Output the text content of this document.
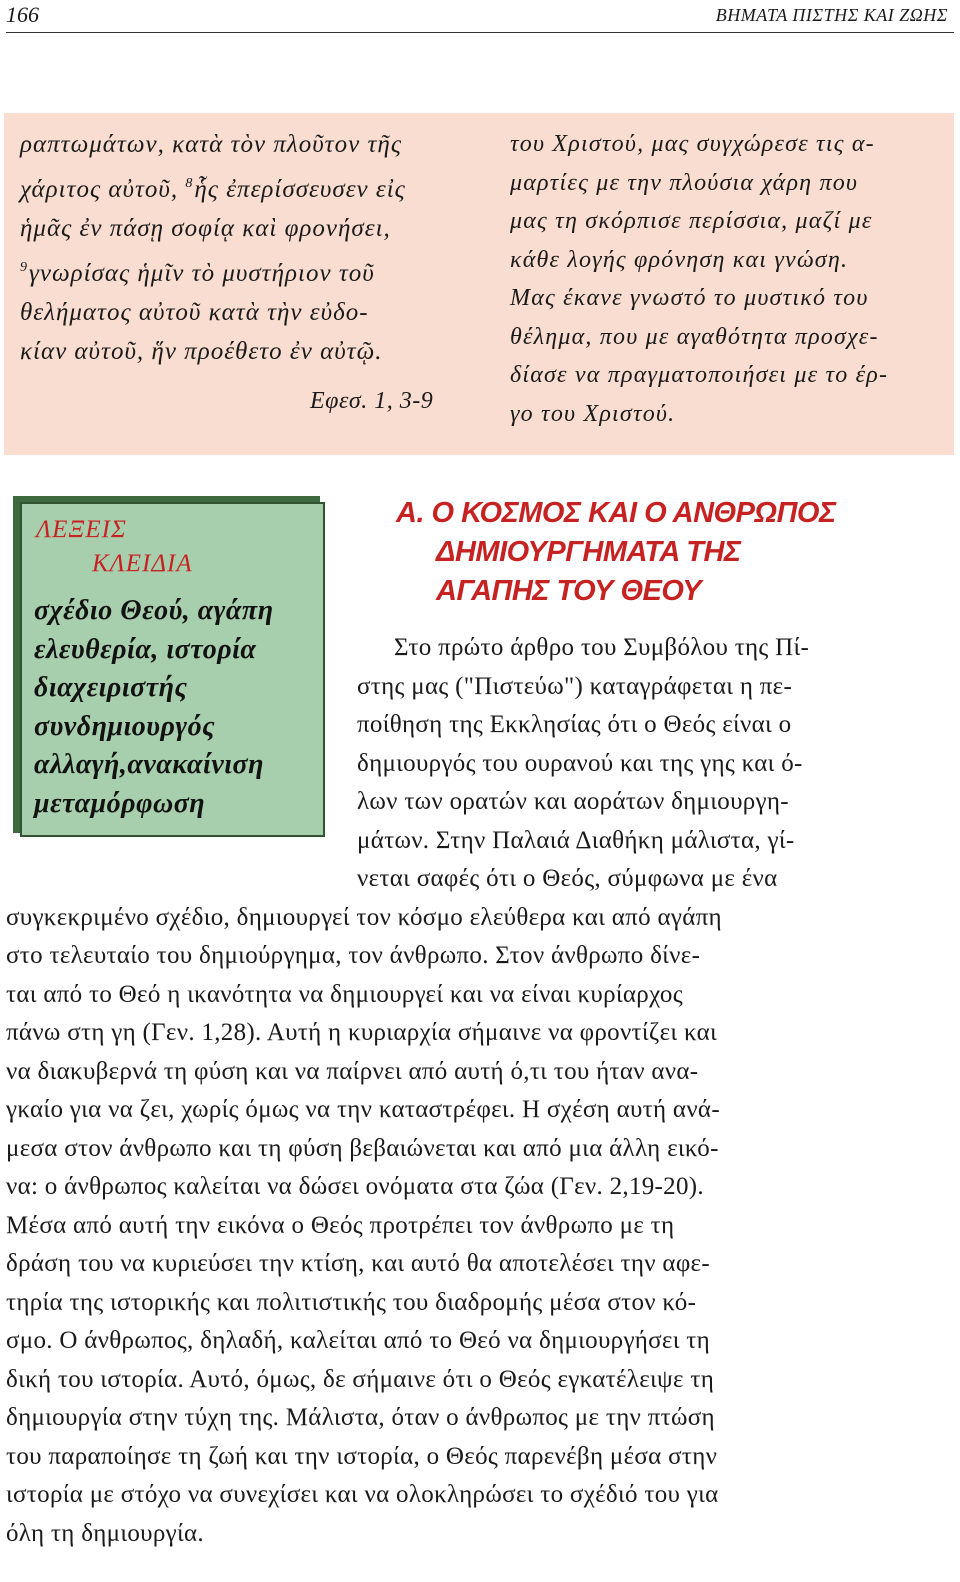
166	ΒΗΜΑΤΑ ΠΙΣΤΗΣ ΚΑΙ ΖΩΗΣ
ραπτωμάτων, κατὰ τὸν πλοῦτον τῆς
χάριτος αὐτοῦ, $^8$ἧς ἐπερίσσευσεν εἰς
ἡμᾶς ἐν πάσῃ σοφίᾳ καὶ φρονήσει,
$^9$γνωρίσας ἡμῖν τὸ μυστήριον τοῦ
θελήματος αὐτοῦ κατὰ τὴν εὐδο-
κίαν αὐτοῦ, ἥν προέθετο ἐν αὐτῷ.
Εφεσ. 1, 3-9
του Χριστού, μας συγχώρεσε τις α-
μαρτίες με την πλούσια χάρη που
μας τη σκόρπισε περίσσια, μαζί με
κάθε λογής φρόνηση και γνώση.
Μας έκανε γνωστό το μυστικό του
θέλημα, που με αγαθότητα προσχε-
δίασε να πραγματοποιήσει με το έρ-
γο του Χριστού.
ΛΕΞΕΙΣ
ΚΛΕΙΔΙΑ
σχέδιο Θεού, αγάπη
ελευθερία, ιστορία
διαχειριστής
συνδημιουργός
αλλαγή,ανακαίνιση
μεταμόρφωση
Α. Ο ΚΟΣΜΟΣ ΚΑΙ Ο ΑΝΘΡΩΠΟΣ
ΔΗΜΙΟΥΡΓΗΜΑΤΑ ΤΗΣ
ΑΓΑΠΗΣ ΤΟΥ ΘΕΟΥ
Στο πρώτο άρθρο του Συμβόλου της Πί-
στης μας ("Πιστεύω") καταγράφεται η πε-
ποίθηση της Εκκλησίας ότι ο Θεός είναι ο
δημιουργός του ουρανού και της γης και ό-
λων των ορατών και αοράτων δημιουργη-
μάτων. Στην Παλαιά Διαθήκη μάλιστα, γί-
νεται σαφές ότι ο Θεός, σύμφωνα με ένα
συγκεκριμένο σχέδιο, δημιουργεί τον κόσμο ελεύθερα και από αγάπη
στο τελευταίο του δημιούργημα, τον άνθρωπο. Στον άνθρωπο δίνε-
ται από το Θεό η ικανότητα να δημιουργεί και να είναι κυρίαρχος
πάνω στη γη (Γεν. 1,28). Αυτή η κυριαρχία σήμαινε να φροντίζει και
να διακυβερνά τη φύση και να παίρνει από αυτή ό,τι του ήταν ανα-
γκαίο για να ζει, χωρίς όμως να την καταστρέφει. Η σχέση αυτή ανά-
μεσα στον άνθρωπο και τη φύση βεβαιώνεται και από μια άλλη εικό-
να: ο άνθρωπος καλείται να δώσει ονόματα στα ζώα (Γεν. 2,19-20).
Μέσα από αυτή την εικόνα ο Θεός προτρέπει τον άνθρωπο με τη
δράση του να κυριεύσει την κτίση, και αυτό θα αποτελέσει την αφε-
τηρία της ιστορικής και πολιτιστικής του διαδρομής μέσα στον κό-
σμο. Ο άνθρωπος, δηλαδή, καλείται από το Θεό να δημιουργήσει τη
δική του ιστορία. Αυτό, όμως, δε σήμαινε ότι ο Θεός εγκατέλειψε τη
δημιουργία στην τύχη της. Μάλιστα, όταν ο άνθρωπος με την πτώση
του παραποίησε τη ζωή και την ιστορία, ο Θεός παρενέβη μέσα στην
ιστορία με στόχο να συνεχίσει και να ολοκληρώσει το σχέδιό του για
όλη τη δημιουργία.
